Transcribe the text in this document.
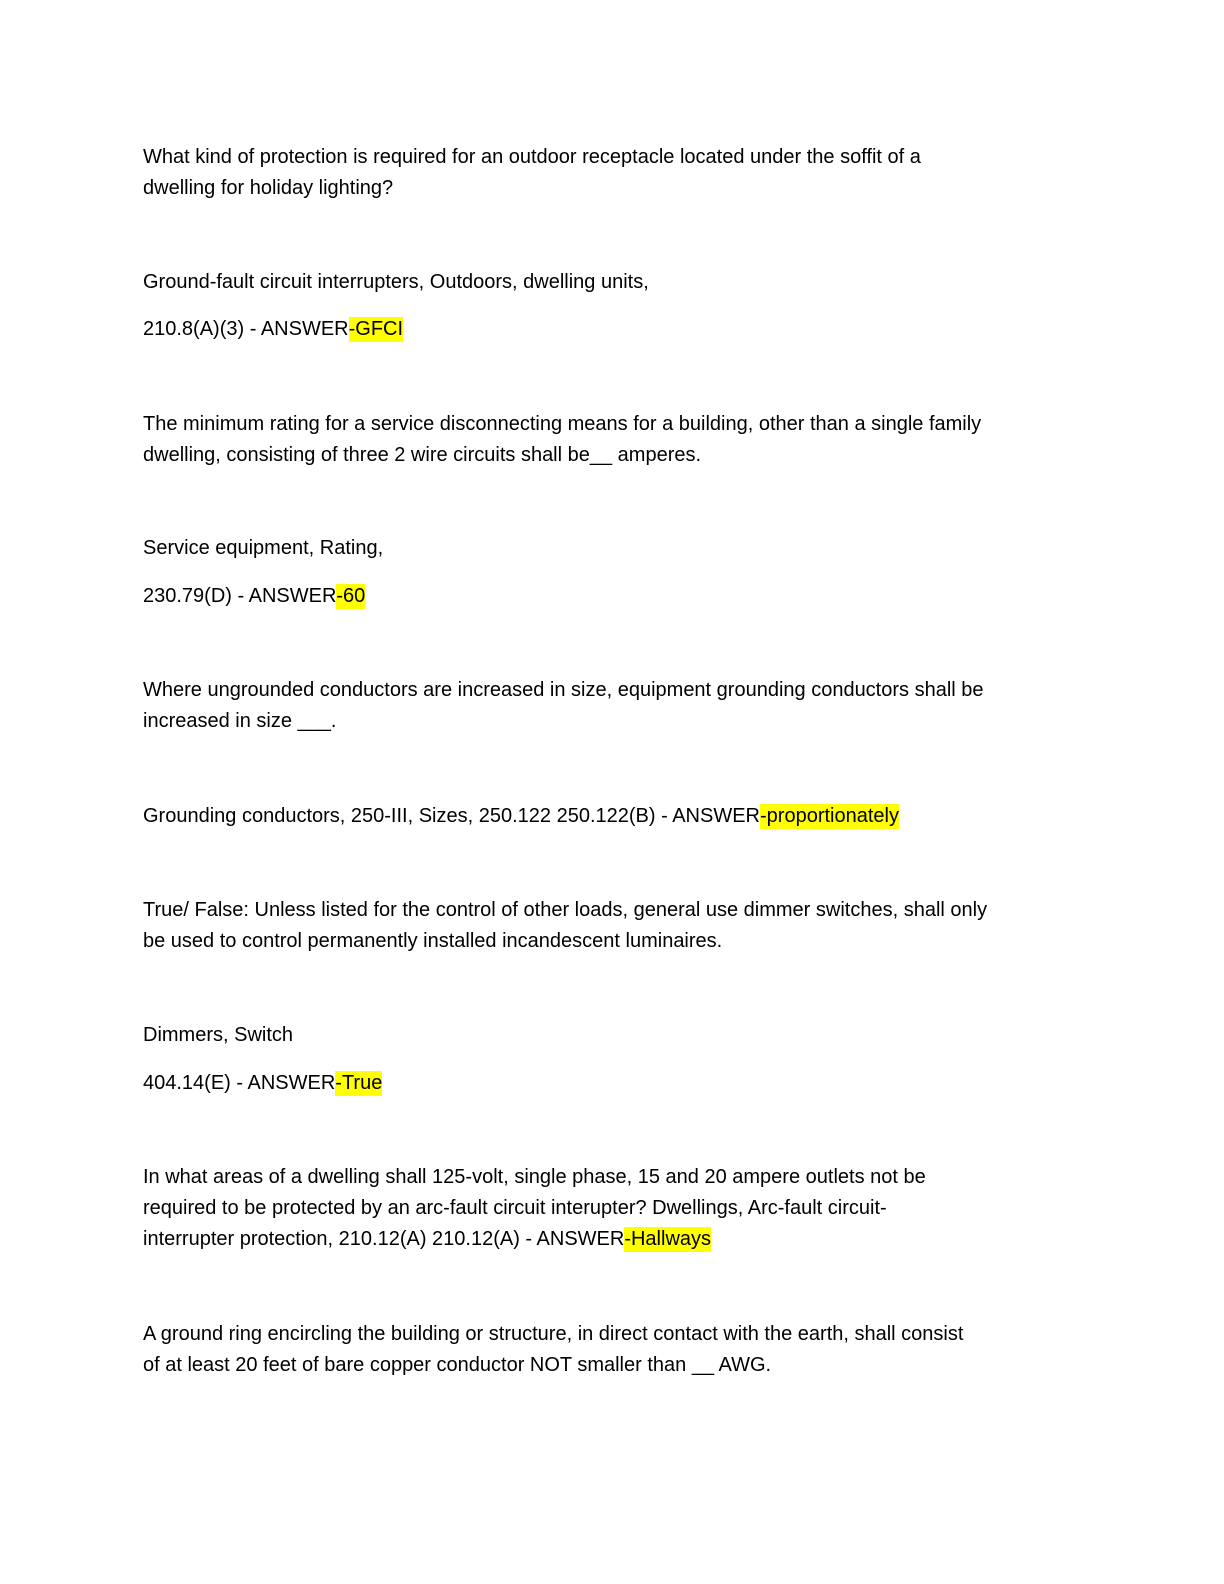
What kind of protection is required for an outdoor receptacle located under the soffit of a
dwelling for holiday lighting?
Ground-fault circuit interrupters, Outdoors, dwelling units,
210.8(A)(3) - ANSWER-GFCI
The minimum rating for a service disconnecting means for a building, other than a single family
dwelling, consisting of three 2 wire circuits shall be__ amperes.
Service equipment, Rating,
230.79(D) - ANSWER-60
Where ungrounded conductors are increased in size, equipment grounding conductors shall be
increased in size ___.
Grounding conductors, 250-III, Sizes, 250.122 250.122(B) - ANSWER-proportionately
True/ False: Unless listed for the control of other loads, general use dimmer switches, shall only
be used to control permanently installed incandescent luminaires.
Dimmers, Switch
404.14(E) - ANSWER-True
In what areas of a dwelling shall 125-volt, single phase, 15 and 20 ampere outlets not be
required to be protected by an arc-fault circuit interupter? Dwellings, Arc-fault circuit-
interrupter protection, 210.12(A) 210.12(A) - ANSWER-Hallways
A ground ring encircling the building or structure, in direct contact with the earth, shall consist
of at least 20 feet of bare copper conductor NOT smaller than __ AWG.
